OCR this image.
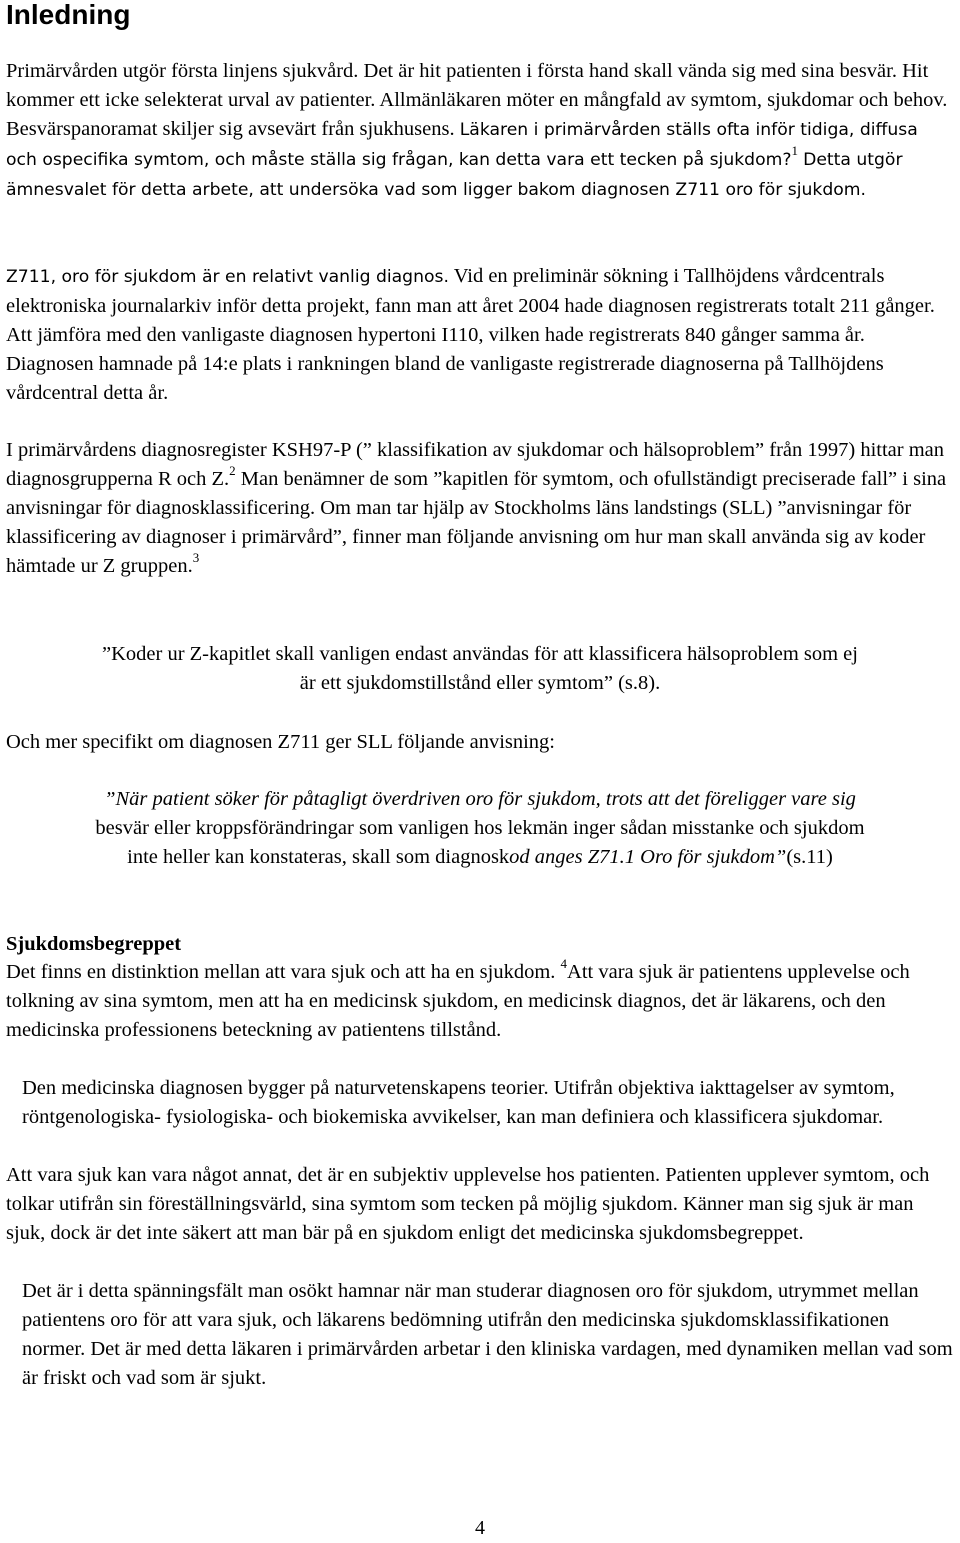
Inledning
Primärvården utgör första linjens sjukvård. Det är hit patienten i första hand skall vända sig med sina besvär. Hit kommer ett icke selekterat urval av patienter. Allmänläkaren möter en mångfald av symtom, sjukdomar och behov. Besvärspanoramat skiljer sig avsevärt från sjukhusens. Läkaren i primärvården ställs ofta inför tidiga, diffusa och ospecifika symtom, och måste ställa sig frågan, kan detta vara ett tecken på sjukdom?$^1$ Detta utgör ämnesvalet för detta arbete, att undersöka vad som ligger bakom diagnosen Z711 oro för sjukdom.
Z711, oro för sjukdom är en relativt vanlig diagnos. Vid en preliminär sökning i Tallhöjdens vårdcentrals elektroniska journalarkiv inför detta projekt, fann man att året 2004 hade diagnosen registrerats totalt 211 gånger. Att jämföra med den vanligaste diagnosen hypertoni I110, vilken hade registrerats 840 gånger samma år. Diagnosen hamnade på 14:e plats i rankningen bland de vanligaste registrerade diagnoserna på Tallhöjdens vårdcentral detta år.
I primärvårdens diagnosregister KSH97-P (” klassifikation av sjukdomar och hälsoproblem” från 1997) hittar man diagnosgrupperna R och Z.$^2$ Man benämner de som ”kapitlen för symtom, och ofullständigt preciserade fall” i sina anvisningar för diagnosklassificering. Om man tar hjälp av Stockholms läns landstings (SLL) ”anvisningar för klassificering av diagnoser i primärvård”, finner man följande anvisning om hur man skall använda sig av koder hämtade ur Z gruppen.$^3$
”Koder ur Z-kapitlet skall vanligen endast användas för att klassificera hälsoproblem som ej
är ett sjukdomstillstånd eller symtom” (s.8).
Och mer specifikt om diagnosen Z711 ger SLL följande anvisning:
”När patient söker för påtagligt överdriven oro för sjukdom, trots att det föreligger vare sig
besvär eller kroppsförändringar som vanligen hos lekmän inger sådan misstanke och sjukdom
inte heller kan konstateras, skall som diagnoskod anges Z71.1 Oro för sjukdom”(s.11)
Sjukdomsbegreppet
Det finns en distinktion mellan att vara sjuk och att ha en sjukdom. $^4$Att vara sjuk är patientens upplevelse och tolkning av sina symtom, men att ha en medicinsk sjukdom, en medicinsk diagnos, det är läkarens, och den medicinska professionens beteckning av patientens tillstånd.
Den medicinska diagnosen bygger på naturvetenskapens teorier. Utifrån objektiva iakttagelser av symtom, röntgenologiska- fysiologiska- och biokemiska avvikelser, kan man definiera och klassificera sjukdomar.
Att vara sjuk kan vara något annat, det är en subjektiv upplevelse hos patienten. Patienten upplever symtom, och tolkar utifrån sin föreställningsvärld, sina symtom som tecken på möjlig sjukdom. Känner man sig sjuk är man sjuk, dock är det inte säkert att man bär på en sjukdom enligt det medicinska sjukdomsbegreppet.
Det är i detta spänningsfält man osökt hamnar när man studerar diagnosen oro för sjukdom, utrymmet mellan patientens oro för att vara sjuk, och läkarens bedömning utifrån den medicinska sjukdomsklassifikationen normer. Det är med detta läkaren i primärvården arbetar i den kliniska vardagen, med dynamiken mellan vad som är friskt och vad som är sjukt.
4
